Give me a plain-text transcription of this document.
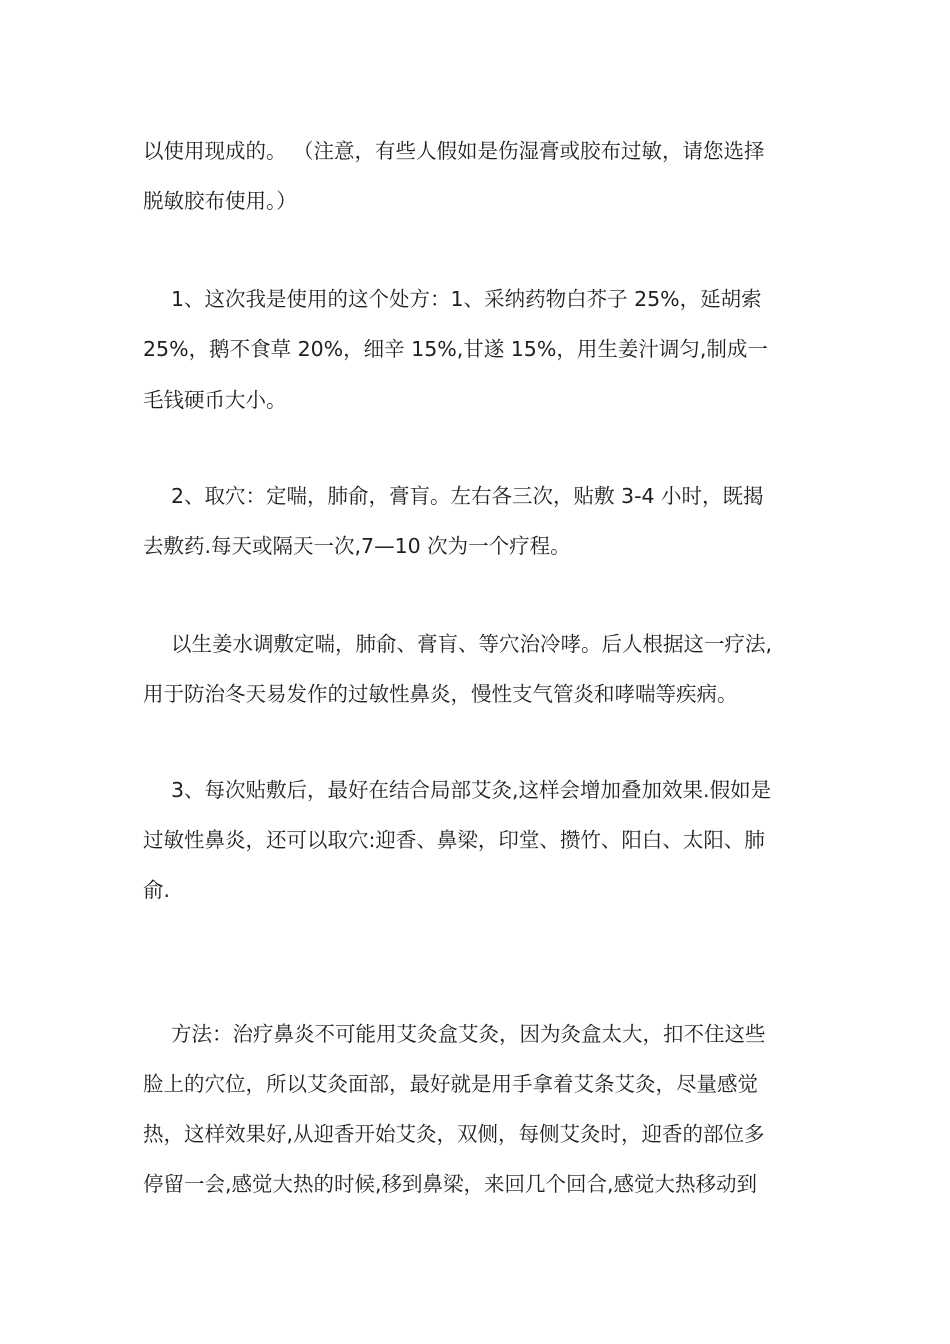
以使用现成的。 （注意，有些人假如是伤湿膏或胶布过敏，请您选择
脱敏胶布使用。）
1、这次我是使用的这个处方：1、采纳药物白芥子 25%，延胡索
25%，鹅不食草 20%，细辛 15%,甘遂 15%，用生姜汁调匀,制成一
毛钱硬币大小。
2、取穴：定喘，肺俞，膏肓。左右各三次，贴敷 3-4 小时，既揭
去敷药.每天或隔天一次,7—10 次为一个疗程。
以生姜水调敷定喘，肺俞、膏肓、等穴治冷哮。后人根据这一疗法,
用于防治冬天易发作的过敏性鼻炎，慢性支气管炎和哮喘等疾病。
3、每次贴敷后，最好在结合局部艾灸,这样会增加叠加效果.假如是
过敏性鼻炎，还可以取穴:迎香、鼻梁，印堂、攒竹、阳白、太阳、肺
俞.
方法：治疗鼻炎不可能用艾灸盒艾灸，因为灸盒太大，扣不住这些
脸上的穴位，所以艾灸面部，最好就是用手拿着艾条艾灸，尽量感觉
热，这样效果好,从迎香开始艾灸，双侧，每侧艾灸时，迎香的部位多
停留一会,感觉大热的时候,移到鼻梁，来回几个回合,感觉大热移动到
